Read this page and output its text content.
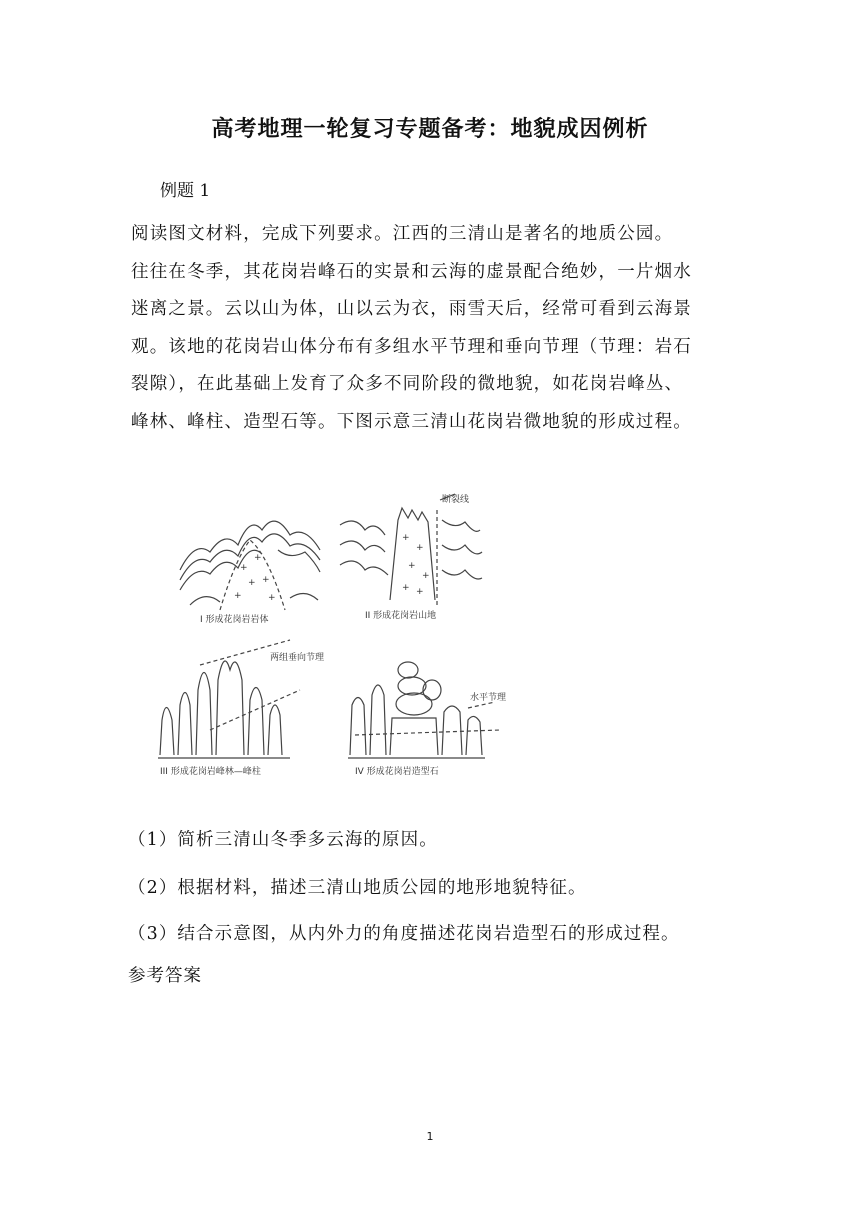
高考地理一轮复习专题备考：地貌成因例析
例题 1
阅读图文材料，完成下列要求。江西的三清山是著名的地质公园。
往往在冬季，其花岗岩峰石的实景和云海的虚景配合绝妙，一片烟水
迷离之景。云以山为体，山以云为衣，雨雪天后，经常可看到云海景
观。该地的花岗岩山体分布有多组水平节理和垂向节理（节理：岩石
裂隙），在此基础上发育了众多不同阶段的微地貌，如花岗岩峰丛、
峰林、峰柱、造型石等。下图示意三清山花岗岩微地貌的形成过程。
+
+
+ +
+	+
+
+
+
+
+ +
I 形成花岗岩岩体	II 形成花岗岩山地
断裂线
III 形成花岗岩峰林—峰柱
两组垂向节理
IV 形成花岗岩造型石
水平节理
（1）简析三清山冬季多云海的原因。
（2）根据材料，描述三清山地质公园的地形地貌特征。
（3）结合示意图，从内外力的角度描述花岗岩造型石的形成过程。
参考答案
1
